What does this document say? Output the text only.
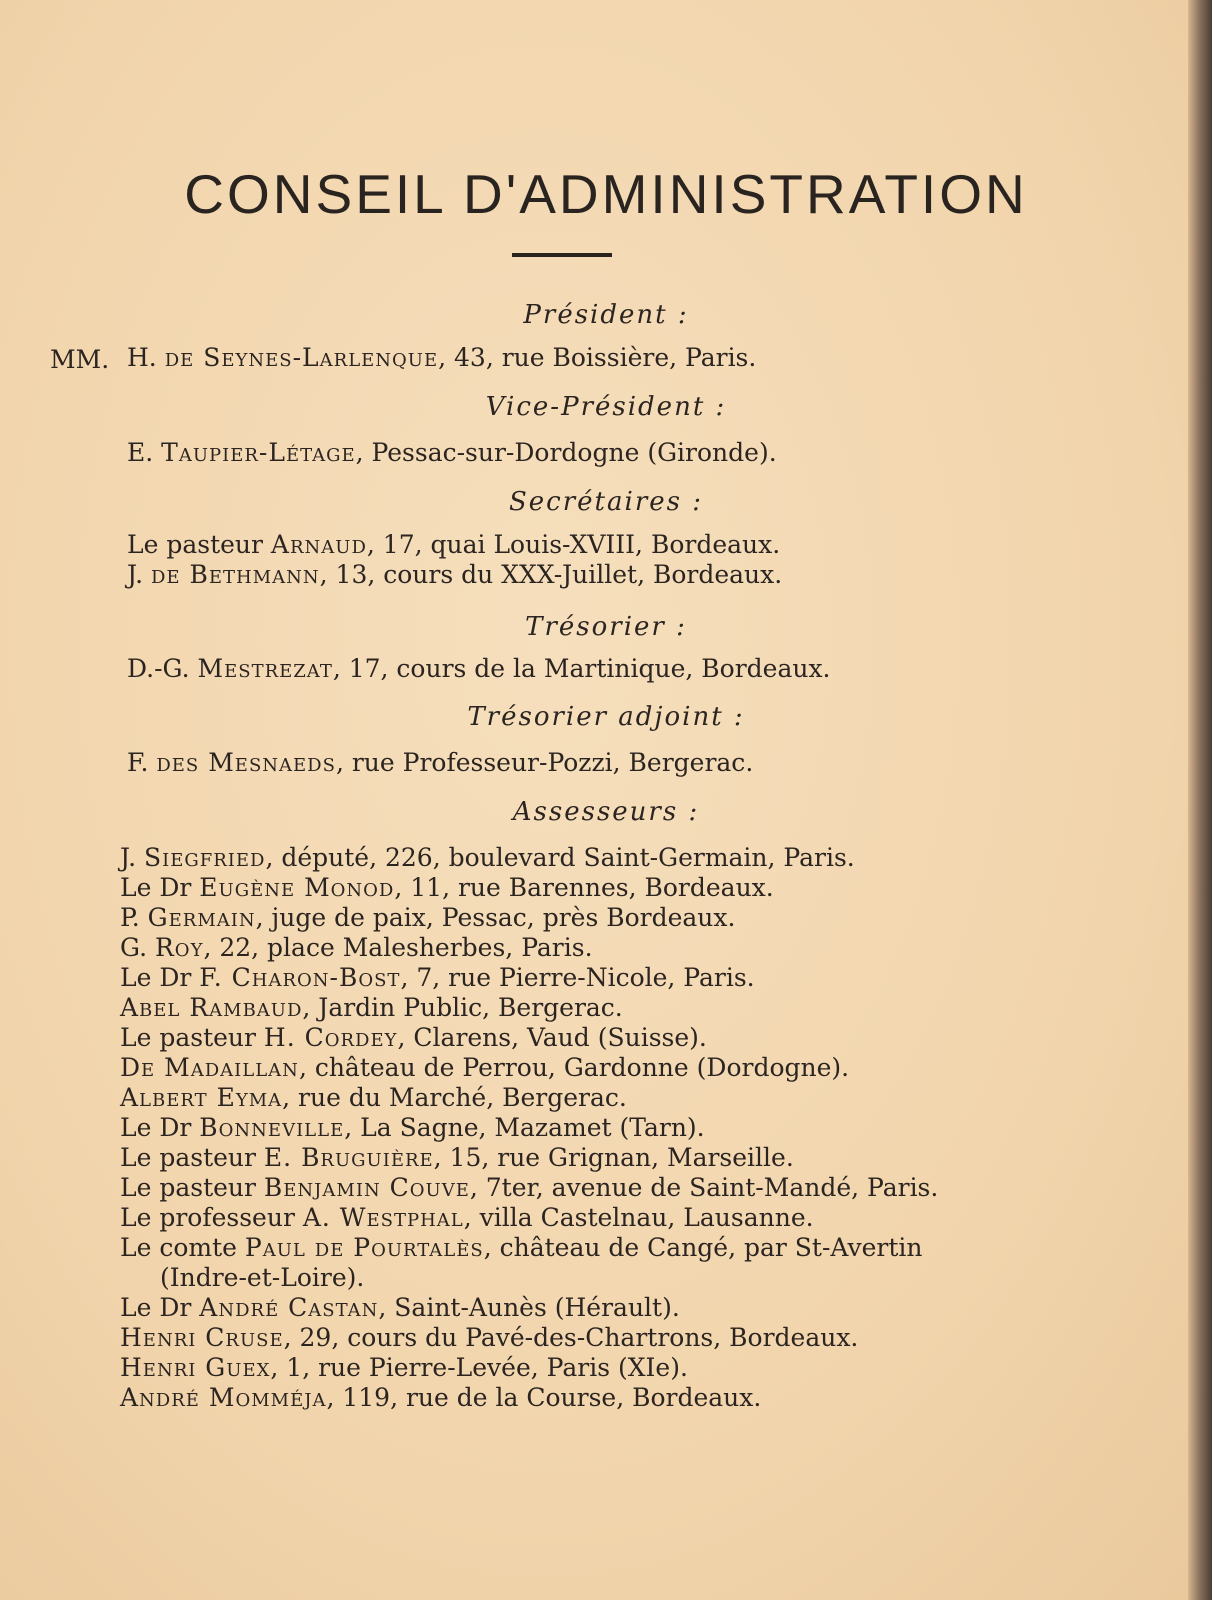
CONSEIL D'ADMINISTRATION
Président :
MM. H. de Seynes-Larlenque, 43, rue Boissière, Paris.
Vice-Président :
E. Taupier-Létage, Pessac-sur-Dordogne (Gironde).
Secrétaires :
Le pasteur Arnaud, 17, quai Louis-XVIII, Bordeaux.
J. de Bethmann, 13, cours du XXX-Juillet, Bordeaux.
Trésorier :
D.-G. Mestrezat, 17, cours de la Martinique, Bordeaux.
Trésorier adjoint :
F. des Mesnaeds, rue Professeur-Pozzi, Bergerac.
Assesseurs :
J. Siegfried, député, 226, boulevard Saint-Germain, Paris.
Le Dr Eugène Monod, 11, rue Barennes, Bordeaux.
P. Germain, juge de paix, Pessac, près Bordeaux.
G. Roy, 22, place Malesherbes, Paris.
Le Dr F. Charon-Bost, 7, rue Pierre-Nicole, Paris.
Abel Rambaud, Jardin Public, Bergerac.
Le pasteur H. Cordey, Clarens, Vaud (Suisse).
De Madaillan, château de Perrou, Gardonne (Dordogne).
Albert Eyma, rue du Marché, Bergerac.
Le Dr Bonneville, La Sagne, Mazamet (Tarn).
Le pasteur E. Bruguière, 15, rue Grignan, Marseille.
Le pasteur Benjamin Couve, 7ter, avenue de Saint-Mandé, Paris.
Le professeur A. Westphal, villa Castelnau, Lausanne.
Le comte Paul de Pourtalès, château de Cangé, par St-Avertin
(Indre-et-Loire).
Le Dr André Castan, Saint-Aunès (Hérault).
Henri Cruse, 29, cours du Pavé-des-Chartrons, Bordeaux.
Henri Guex, 1, rue Pierre-Levée, Paris (XIe).
André Momméja, 119, rue de la Course, Bordeaux.
